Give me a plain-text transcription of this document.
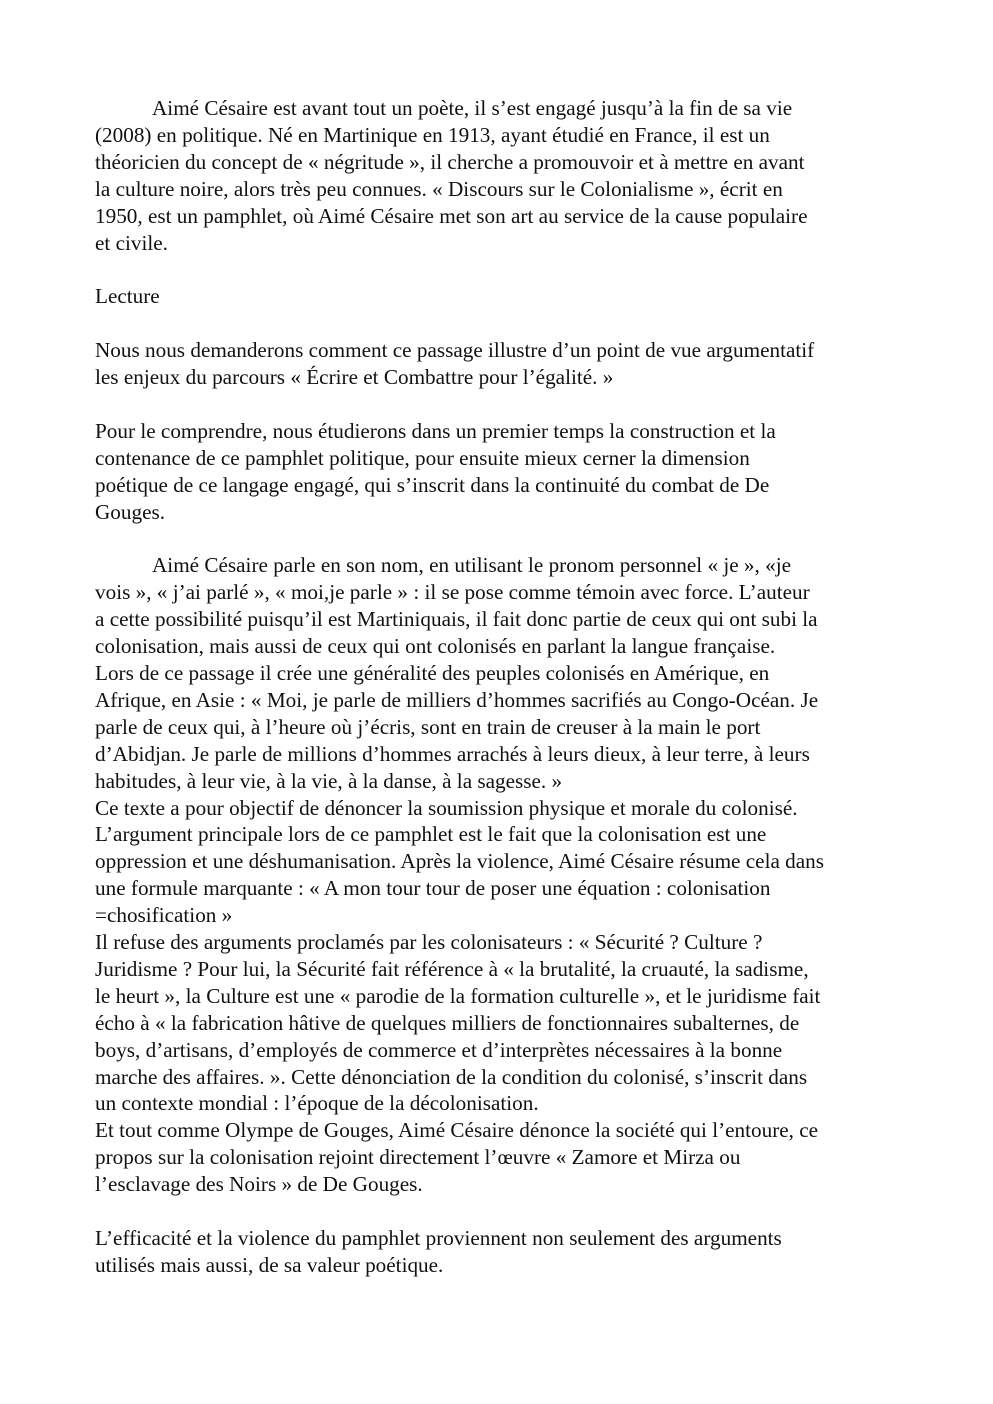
Aimé Césaire est avant tout un poète, il s’est engagé jusqu’à la fin de sa vie
(2008) en politique. Né en Martinique en 1913, ayant étudié en France, il est un
théoricien du concept de « négritude », il cherche a promouvoir et à mettre en avant
la culture noire, alors très peu connues. « Discours sur le Colonialisme », écrit en
1950, est un pamphlet, où Aimé Césaire met son art au service de la cause populaire
et civile.

Lecture

Nous nous demanderons comment ce passage illustre d’un point de vue argumentatif
les enjeux du parcours « Écrire et Combattre pour l’égalité. »

Pour le comprendre, nous étudierons dans un premier temps la construction et la
contenance de ce pamphlet politique, pour ensuite mieux cerner la dimension
poétique de ce langage engagé, qui s’inscrit dans la continuité du combat de De
Gouges.

Aimé Césaire parle en son nom, en utilisant le pronom personnel « je », «je
vois », « j’ai parlé », « moi,je parle » : il se pose comme témoin avec force. L’auteur
a cette possibilité puisqu’il est Martiniquais, il fait donc partie de ceux qui ont subi la
colonisation, mais aussi de ceux qui ont colonisés en parlant la langue française.
Lors de ce passage il crée une généralité des peuples colonisés en Amérique, en
Afrique, en Asie : « Moi, je parle de milliers d’hommes sacrifiés au Congo-Océan. Je
parle de ceux qui, à l’heure où j’écris, sont en train de creuser à la main le port
d’Abidjan. Je parle de millions d’hommes arrachés à leurs dieux, à leur terre, à leurs
habitudes, à leur vie, à la vie, à la danse, à la sagesse. »
Ce texte a pour objectif de dénoncer la soumission physique et morale du colonisé.
L’argument principale lors de ce pamphlet est le fait que la colonisation est une
oppression et une déshumanisation. Après la violence, Aimé Césaire résume cela dans
une formule marquante : « A mon tour tour de poser une équation : colonisation
=chosification »
Il refuse des arguments proclamés par les colonisateurs : « Sécurité ? Culture ?
Juridisme ? Pour lui, la Sécurité fait référence à « la brutalité, la cruauté, la sadisme,
le heurt », la Culture est une « parodie de la formation culturelle », et le juridisme fait
écho à « la fabrication hâtive de quelques milliers de fonctionnaires subalternes, de
boys, d’artisans, d’employés de commerce et d’interprètes nécessaires à la bonne
marche des affaires. ». Cette dénonciation de la condition du colonisé, s’inscrit dans
un contexte mondial : l’époque de la décolonisation.
Et tout comme Olympe de Gouges, Aimé Césaire dénonce la société qui l’entoure, ce
propos sur la colonisation rejoint directement l’œuvre « Zamore et Mirza ou
l’esclavage des Noirs » de De Gouges.

L’efficacité et la violence du pamphlet proviennent non seulement des arguments
utilisés mais aussi, de sa valeur poétique.
